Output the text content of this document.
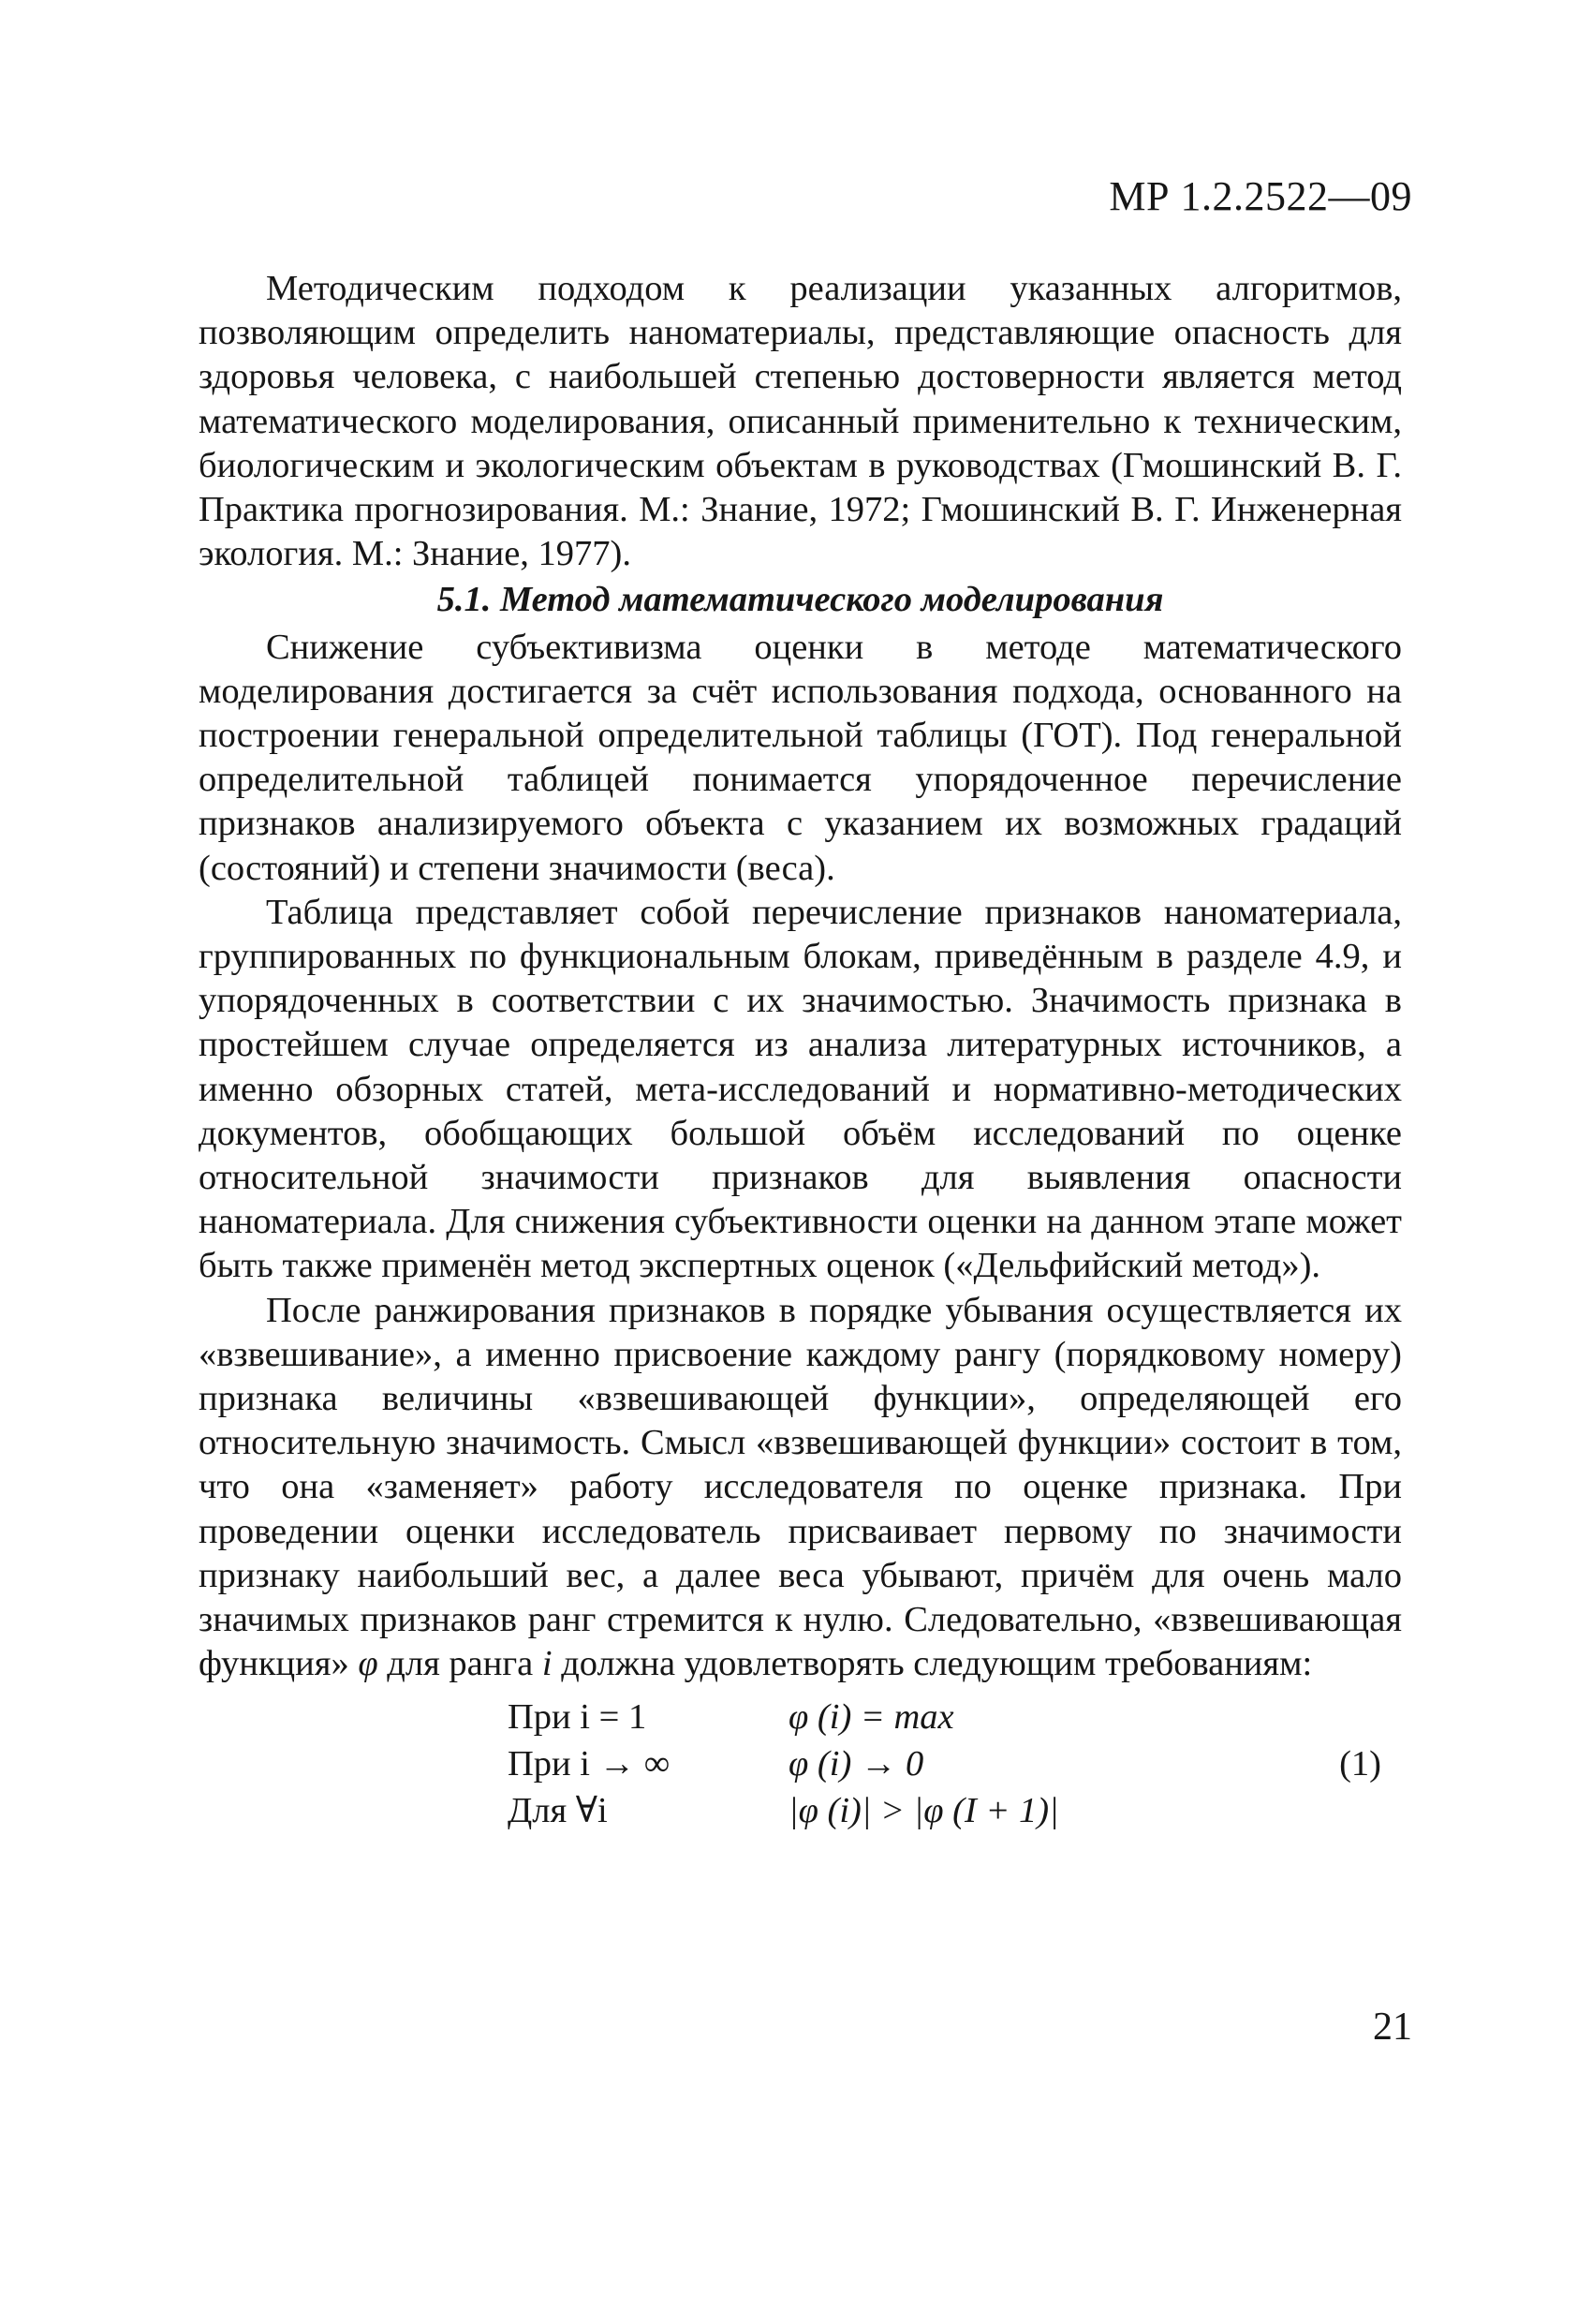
МР 1.2.2522—09

Методическим подходом к реализации указанных алгоритмов, позволяющим определить наноматериалы, представляющие опасность для здоровья человека, с наибольшей степенью достоверности является метод математического моделирования, описанный применительно к техническим, биологическим и экологическим объектам в руководствах (Гмошинский В. Г. Практика прогнозирования. М.: Знание, 1972; Гмошинский В. Г. Инженерная экология. М.: Знание, 1977).

5.1. Метод математического моделирования

Снижение субъективизма оценки в методе математического моделирования достигается за счёт использования подхода, основанного на построении генеральной определительной таблицы (ГОТ). Под генеральной определительной таблицей понимается упорядоченное перечисление признаков анализируемого объекта с указанием их возможных градаций (состояний) и степени значимости (веса).

Таблица представляет собой перечисление признаков наноматериала, группированных по функциональным блокам, приведённым в разделе 4.9, и упорядоченных в соответствии с их значимостью. Значимость признака в простейшем случае определяется из анализа литературных источников, а именно обзорных статей, мета-исследований и нормативно-методических документов, обобщающих большой объём исследований по оценке относительной значимости признаков для выявления опасности наноматериала. Для снижения субъективности оценки на данном этапе может быть также применён метод экспертных оценок («Дельфийский метод»).

После ранжирования признаков в порядке убывания осуществляется их «взвешивание», а именно присвоение каждому рангу (порядковому номеру) признака величины «взвешивающей функции», определяющей его относительную значимость. Смысл «взвешивающей функции» состоит в том, что она «заменяет» работу исследователя по оценке признака. При проведении оценки исследователь присваивает первому по значимости признаку наибольший вес, а далее веса убывают, причём для очень мало значимых признаков ранг стремится к нулю. Следовательно, «взвешивающая функция» φ для ранга i должна удовлетворять следующим требованиям:

При i = 1	φ (i) = max
При i → ∞	φ (i) → 0
Для ∀i	|φ (i)| > |φ (I + 1)|
(1)
21
